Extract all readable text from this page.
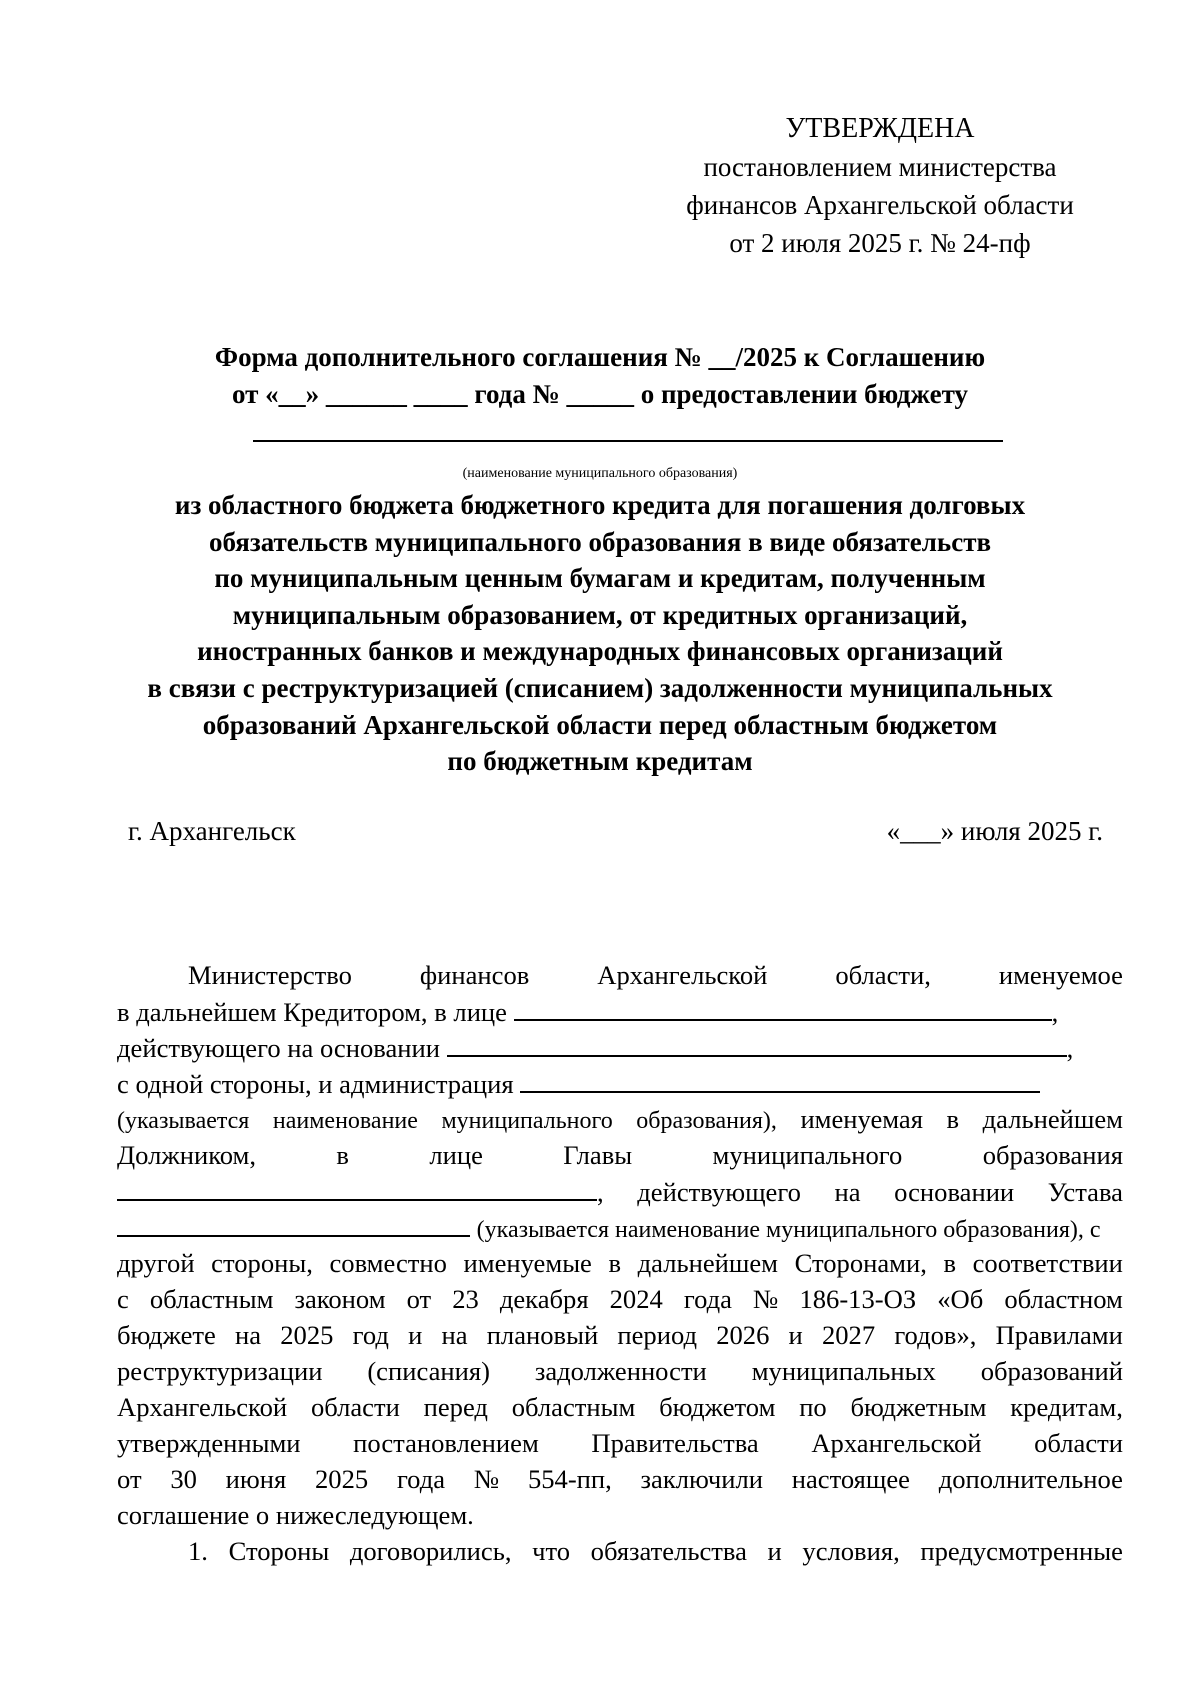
УТВЕРЖДЕНА
постановлением министерства
финансов Архангельской области
от 2 июля 2025 г. № 24-пф
Форма дополнительного соглашения № __/2025 к Соглашению
от «__» ______ ____ года № _____ о предоставлении бюджету
(наименование муниципального образования)
из областного бюджета бюджетного кредита для погашения долговых
обязательств муниципального образования в виде обязательств
по муниципальным ценным бумагам и кредитам, полученным
муниципальным образованием, от кредитных организаций,
иностранных банков и международных финансовых организаций
в связи с реструктуризацией (списанием) задолженности муниципальных
образований Архангельской области перед областным бюджетом
по бюджетным кредитам
г. Архангельск	«___» июля 2025 г.
Министерство	финансов	Архангельской	области,	именуемое
в дальнейшем Кредитором, в лице	,
действующего на основании	,
с одной стороны, и администрация
(указывается наименование муниципального образования), именуемая в дальнейшем
Должником,	в	лице	Главы	муниципального	образования
, действующего на основании Устава
(указывается наименование муниципального образования), с
другой стороны, совместно именуемые в дальнейшем Сторонами, в соответствии
с областным законом от 23 декабря 2024 года № 186-13-ОЗ «Об областном
бюджете на 2025 год и на плановый период 2026 и 2027 годов», Правилами
реструктуризации (списания) задолженности муниципальных образований
Архангельской области перед областным бюджетом по бюджетным кредитам,
утвержденными постановлением Правительства Архангельской области
от 30 июня 2025 года № 554-пп, заключили настоящее дополнительное
соглашение о нижеследующем.
1. Стороны договорились, что обязательства и условия, предусмотренные
